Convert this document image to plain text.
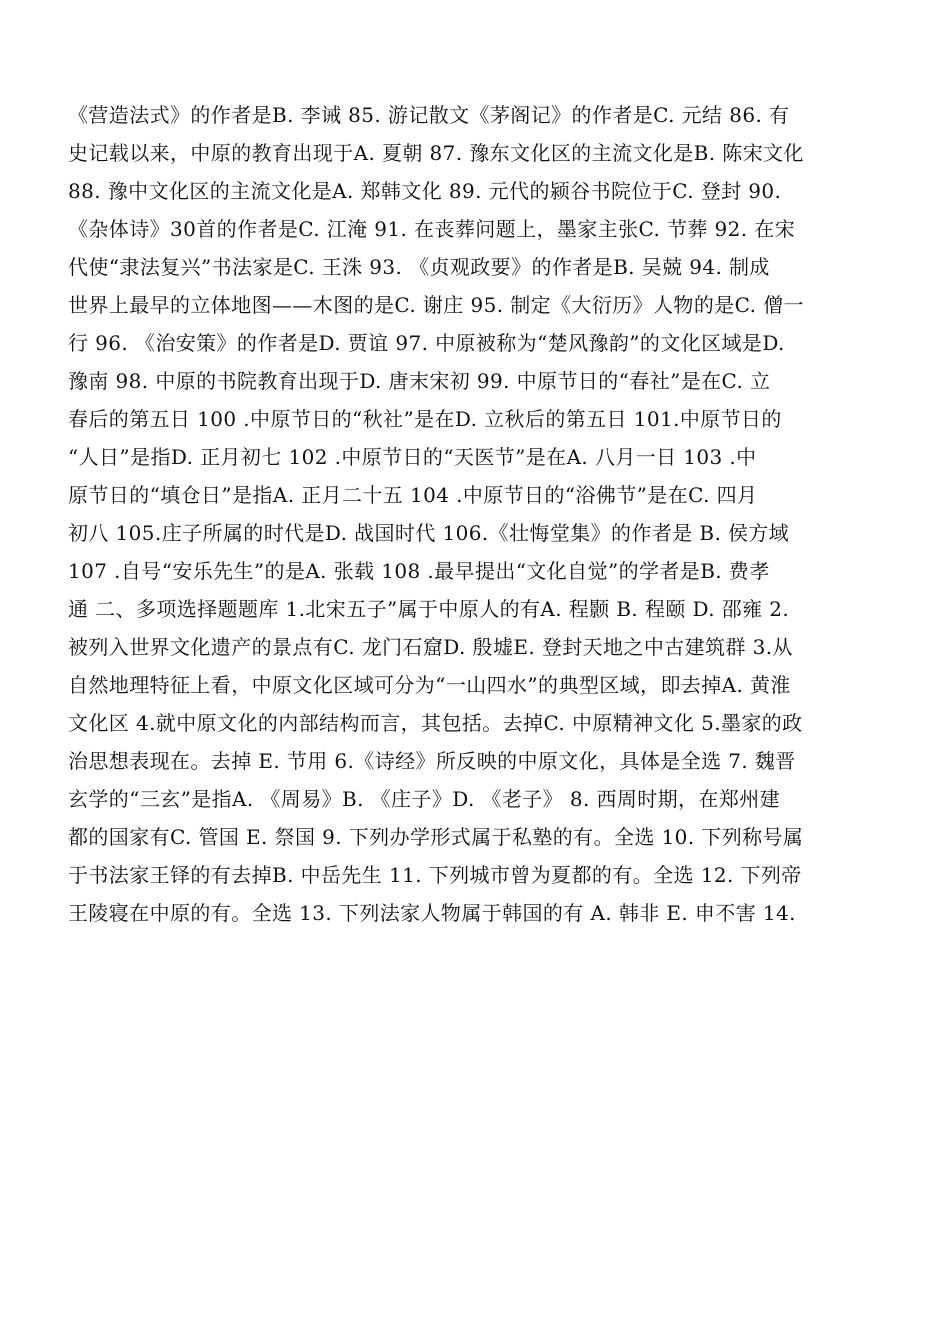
《营造法式》的作者是B. 李诫 85. 游记散文《茅阁记》的作者是C. 元结 86. 有
史记载以来，中原的教育出现于A. 夏朝 87. 豫东文化区的主流文化是B. 陈宋文化
88. 豫中文化区的主流文化是A. 郑韩文化 89. 元代的颍谷书院位于C. 登封 90.
《杂体诗》30首的作者是C. 江淹 91. 在丧葬问题上，墨家主张C. 节葬 92. 在宋
代使“隶法复兴”书法家是C. 王洙 93. 《贞观政要》的作者是B. 吴兢 94. 制成
世界上最早的立体地图——木图的是C. 谢庄 95. 制定《大衍历》人物的是C. 僧一
行 96. 《治安策》的作者是D. 贾谊 97. 中原被称为“楚风豫韵”的文化区域是D.
豫南 98. 中原的书院教育出现于D. 唐末宋初 99. 中原节日的“春社”是在C. 立
春后的第五日 100 .中原节日的“秋社”是在D. 立秋后的第五日 101.中原节日的
“人日”是指D. 正月初七 102 .中原节日的“天医节”是在A. 八月一日 103 .中
原节日的“填仓日”是指A. 正月二十五 104 .中原节日的“浴佛节”是在C. 四月
初八 105.庄子所属的时代是D. 战国时代 106.《壮悔堂集》的作者是 B. 侯方域
107 .自号“安乐先生”的是A. 张载 108 .最早提出“文化自觉”的学者是B. 费孝
通 二、多项选择题题库 1.北宋五子”属于中原人的有A. 程颢 B. 程颐 D. 邵雍 2.
被列入世界文化遗产的景点有C. 龙门石窟D. 殷墟E. 登封天地之中古建筑群 3.从
自然地理特征上看，中原文化区域可分为“一山四水”的典型区域，即去掉A. 黄淮
文化区 4.就中原文化的内部结构而言，其包括。去掉C. 中原精神文化 5.墨家的政
治思想表现在。去掉 E. 节用 6.《诗经》所反映的中原文化，具体是全选 7. 魏晋
玄学的“三玄”是指A. 《周易》B. 《庄子》D. 《老子》 8. 西周时期，在郑州建
都的国家有C. 管国 E. 祭国 9. 下列办学形式属于私塾的有。全选 10. 下列称号属
于书法家王铎的有去掉B. 中岳先生 11. 下列城市曾为夏都的有。全选 12. 下列帝
王陵寝在中原的有。全选 13. 下列法家人物属于韩国的有 A. 韩非 E. 申不害 14.
